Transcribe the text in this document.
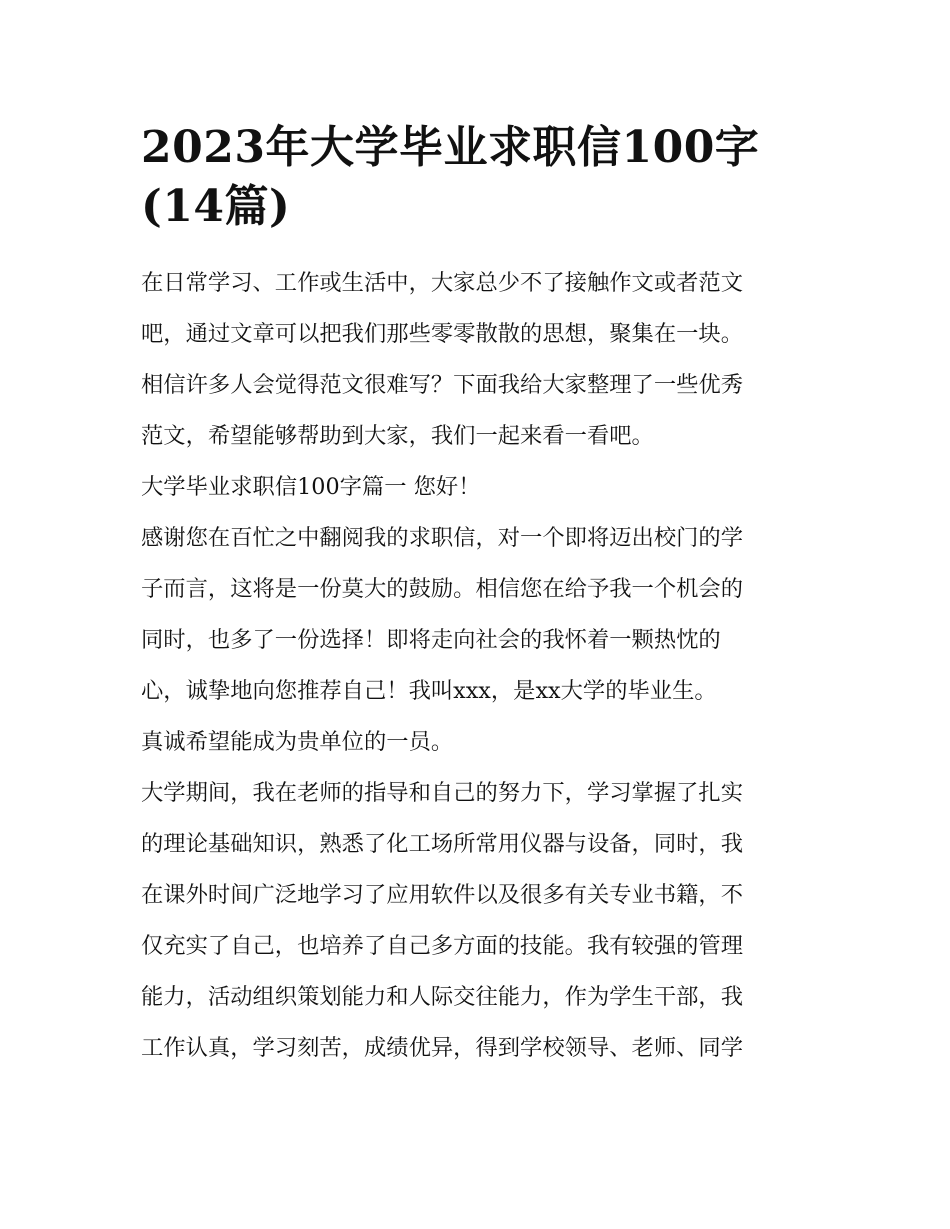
2023年大学毕业求职信100字
(14篇)
在日常学习、工作或生活中，大家总少不了接触作文或者范文
吧，通过文章可以把我们那些零零散散的思想，聚集在一块。
相信许多人会觉得范文很难写？下面我给大家整理了一些优秀
范文，希望能够帮助到大家，我们一起来看一看吧。
大学毕业求职信100字篇一 您好！
感谢您在百忙之中翻阅我的求职信，对一个即将迈出校门的学
子而言，这将是一份莫大的鼓励。相信您在给予我一个机会的
同时，也多了一份选择！即将走向社会的我怀着一颗热忱的
心，诚挚地向您推荐自己！我叫xxx，是xx大学的毕业生。
真诚希望能成为贵单位的一员。
大学期间，我在老师的指导和自己的努力下，学习掌握了扎实
的理论基础知识，熟悉了化工场所常用仪器与设备，同时，我
在课外时间广泛地学习了应用软件以及很多有关专业书籍，不
仅充实了自己，也培养了自己多方面的技能。我有较强的管理
能力，活动组织策划能力和人际交往能力，作为学生干部，我
工作认真，学习刻苦，成绩优异，得到学校领导、老师、同学
